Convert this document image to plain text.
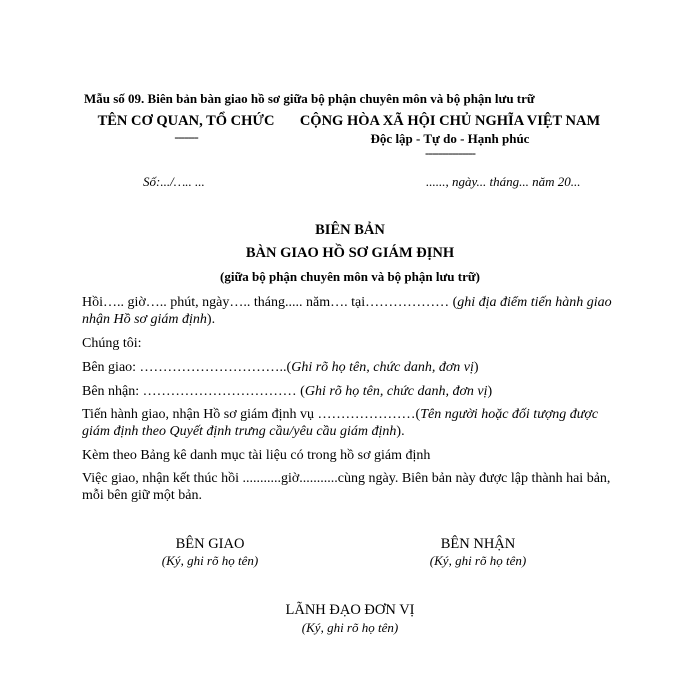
Mẫu số 09. Biên bản bàn giao hồ sơ giữa bộ phận chuyên môn và bộ phận lưu trữ
TÊN CƠ QUAN, TỔ CHỨC
-------
CỘNG HÒA XÃ HỘI CHỦ NGHĨA VIỆT NAM
Độc lập - Tự do - Hạnh phúc
---------------
Số:.../….. ...	......, ngày... tháng... năm 20...
BIÊN BẢN
BÀN GIAO HỒ SƠ GIÁM ĐỊNH
(giữa bộ phận chuyên môn và bộ phận lưu trữ)
Hồi….. giờ….. phút, ngày….. tháng..... năm…. tại……………… (ghi địa điểm tiến hành giao nhận Hồ sơ giám định).
Chúng tôi:
Bên giao: …………………………..(Ghi rõ họ tên, chức danh, đơn vị)
Bên nhận: …………………………… (Ghi rõ họ tên, chức danh, đơn vị)
Tiến hành giao, nhận Hồ sơ giám định vụ …………………(Tên người hoặc đối tượng được giám định theo Quyết định trưng cầu/yêu cầu giám định).
Kèm theo Bảng kê danh mục tài liệu có trong hồ sơ giám định
Việc giao, nhận kết thúc hồi ...........giờ...........cùng ngày. Biên bản này được lập thành hai bản, mỗi bên giữ một bản.
BÊN GIAO
(Ký, ghi rõ họ tên)
BÊN NHẬN
(Ký, ghi rõ họ tên)
LÃNH ĐẠO ĐƠN VỊ
(Ký, ghi rõ họ tên)
